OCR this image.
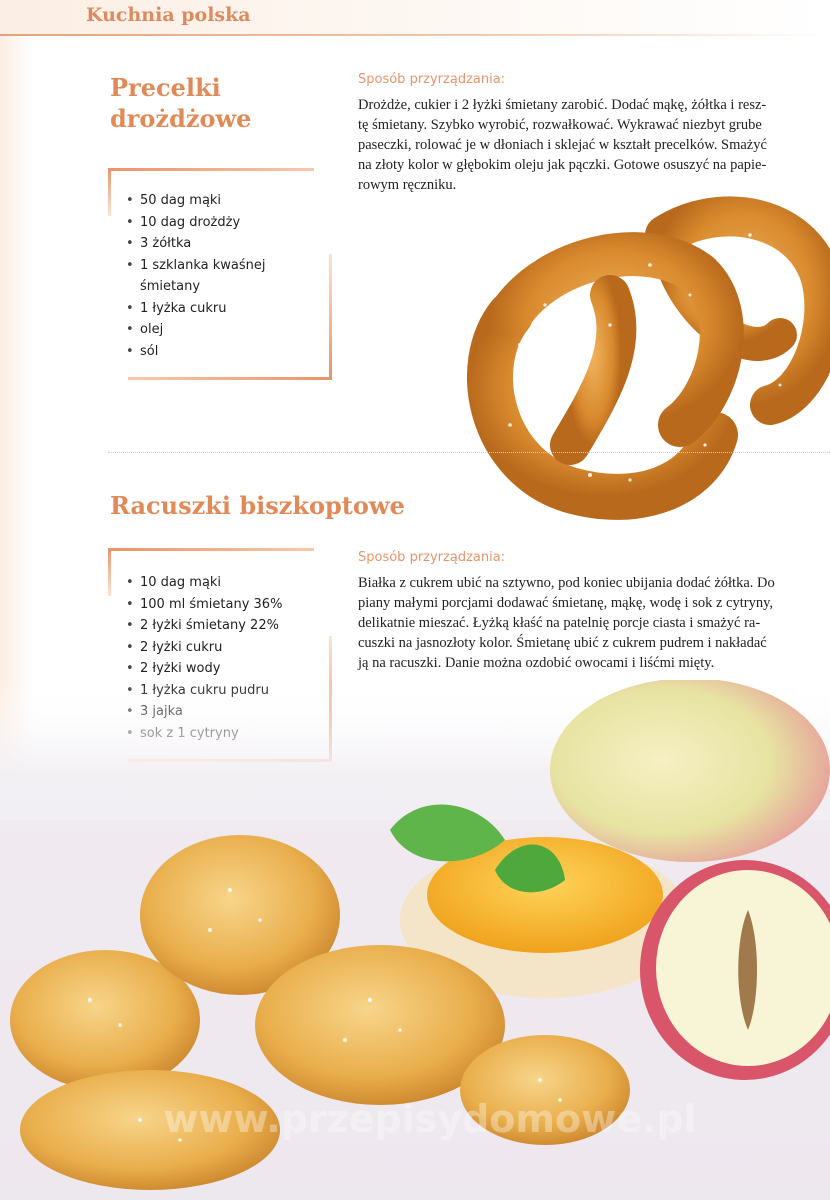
Kuchnia polska
Precelki
drożdżowe
Sposób przyrządzania:
Drożdże, cukier i 2 łyżki śmietany zarobić. Dodać mąkę, żółtka i resz-
tę śmietany. Szybko wyrobić, rozwałkować. Wykrawać niezbyt grube
paseczki, rolować je w dłoniach i sklejać w kształt precelków. Smażyć
na złoty kolor w głębokim oleju jak pączki. Gotowe osuszyć na papie-
rowym ręczniku.
• 50 dag mąki
• 10 dag drożdży
• 3 żółtka
• 1 szklanka kwaśnej
śmietany
• 1 łyżka cukru
• olej
• sól
Racuszki biszkoptowe
Sposób przyrządzania:
Białka z cukrem ubić na sztywno, pod koniec ubijania dodać żółtka. Do
piany małymi porcjami dodawać śmietanę, mąkę, wodę i sok z cytryny,
delikatnie mieszać. Łyżką kłaść na patelnię porcje ciasta i smażyć ra-
cuszki na jasnozłoty kolor. Śmietanę ubić z cukrem pudrem i nakładać
ją na racuszki. Danie można ozdobić owocami i liśćmi mięty.
• 10 dag mąki
• 100 ml śmietany 36%
• 2 łyżki śmietany 22%
• 2 łyżki cukru
• 2 łyżki wody
•
•
•
www.przepisydomowe.pl
